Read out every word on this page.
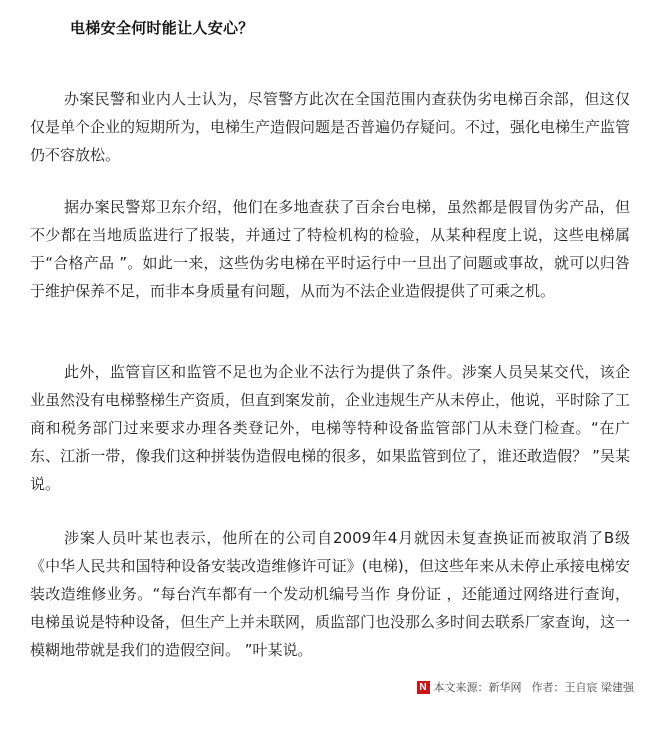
电梯安全何时能让人安心？

办案民警和业内人士认为，尽管警方此次在全国范围内查获伪劣电梯百余部，但这仅仅是单个企业的短期所为，电梯生产造假问题是否普遍仍存疑问。不过，强化电梯生产监管仍不容放松。

据办案民警郑卫东介绍，他们在多地查获了百余台电梯，虽然都是假冒伪劣产品，但不少都在当地质监进行了报装，并通过了特检机构的检验，从某种程度上说，这些电梯属于“合格产品 ”。如此一来，这些伪劣电梯在平时运行中一旦出了问题或事故，就可以归咎于维护保养不足，而非本身质量有问题，从而为不法企业造假提供了可乘之机。

此外，监管盲区和监管不足也为企业不法行为提供了条件。涉案人员吴某交代，该企业虽然没有电梯整梯生产资质，但直到案发前，企业违规生产从未停止，他说，平时除了工商和税务部门过来要求办理各类登记外，电梯等特种设备监管部门从未登门检查。“在广东、江浙一带，像我们这种拼装伪造假电梯的很多，如果监管到位了，谁还敢造假？ ”吴某说。

涉案人员叶某也表示，他所在的公司自2009年4月就因未复查换证而被取消了B级《中华人民共和国特种设备安装改造维修许可证》(电梯)，但这些年来从未停止承接电梯安装改造维修业务。“每台汽车都有一个发动机编号当作 身份证 ，还能通过网络进行查询，电梯虽说是特种设备，但生产上并未联网，质监部门也没那么多时间去联系厂家查询，这一模糊地带就是我们的造假空间。 ”叶某说。

N 本文来源：新华网 作者：王自宸 梁建强
